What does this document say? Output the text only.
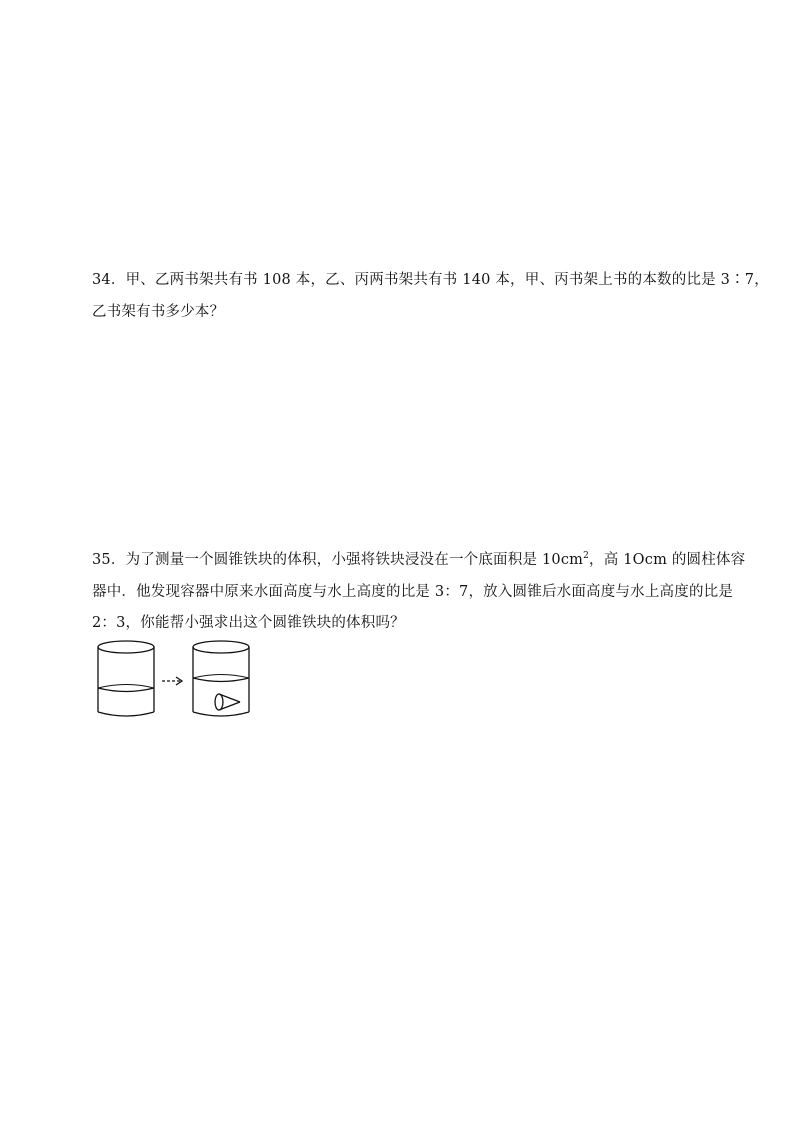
34．甲、乙两书架共有书 108 本，乙、丙两书架共有书 140 本，甲、丙书架上书的本数的比是 3∶7，
乙书架有书多少本？
35．为了测量一个圆锥铁块的体积，小强将铁块浸没在一个底面积是 $10cm^2$，高 1Ocm 的圆柱体容
器中．他发现容器中原来水面高度与水上高度的比是 3：7，放入圆锥后水面高度与水上高度的比是
2：3，你能帮小强求出这个圆锥铁块的体积吗？
